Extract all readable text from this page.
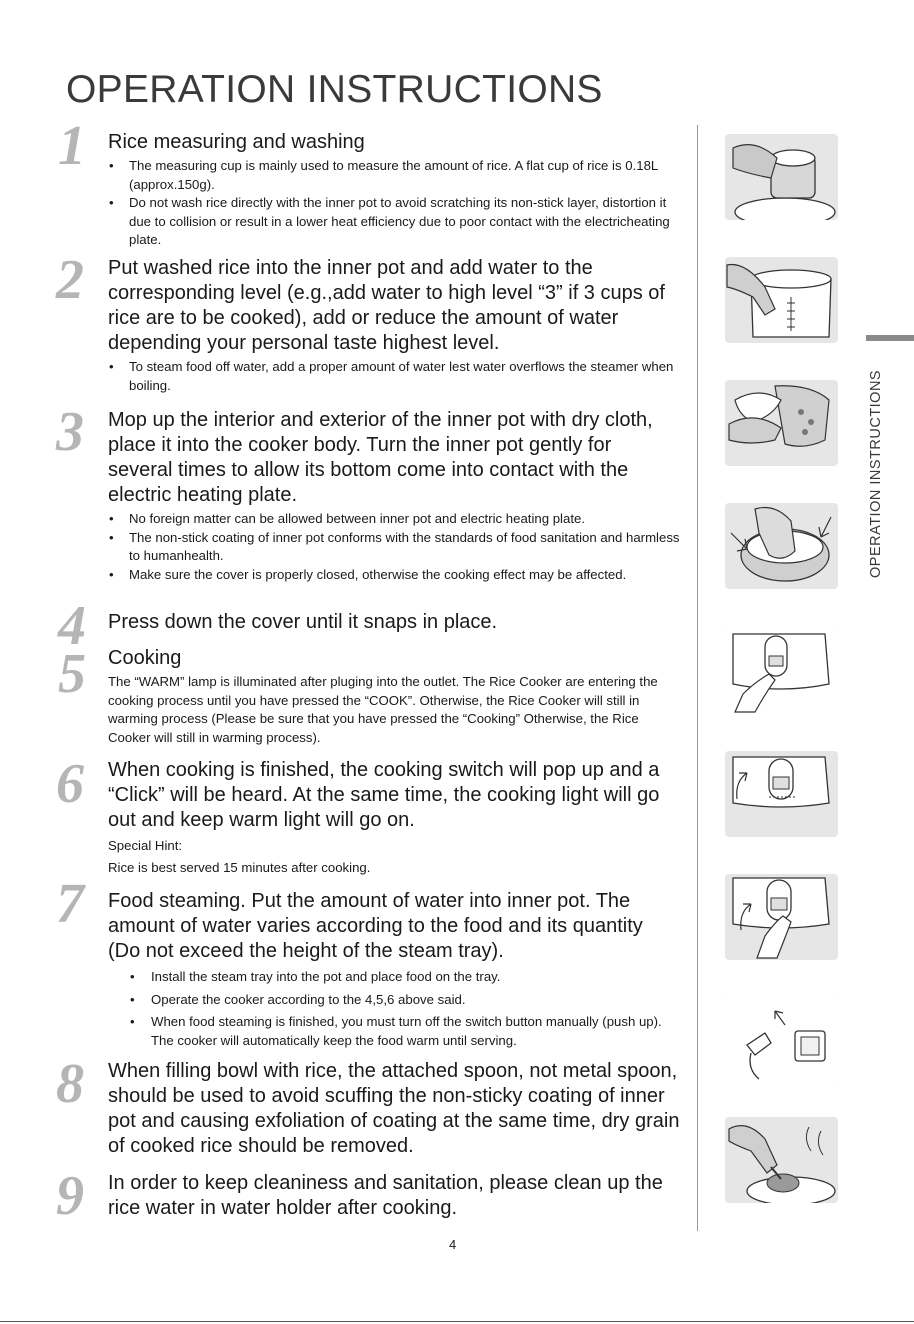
OPERATION INSTRUCTIONS
1	Rice measuring and washing

• The measuring cup is mainly used to measure the amount of rice. A flat cup of rice is 0.18L (approx.150g).
• Do not wash rice directly with the inner pot to avoid scratching its non-stick layer, distortion it due to collision or result in a lower heat efficiency due to poor contact with the electricheating plate.
2	Put washed rice into the inner pot and add water to the corresponding level (e.g.,add water to high level “3” if 3 cups of rice are to be cooked), add or reduce the amount of water depending your personal taste highest level.

• To steam food off water, add a proper amount of water lest water overflows the steamer when boiling.
3	Mop up the interior and exterior of the inner pot with dry cloth, place it into the cooker body. Turn the inner pot gently for several times to allow its bottom come into contact with the electric heating plate.

• No foreign matter can be allowed between inner pot and electric heating plate.
• The non-stick coating of inner pot conforms with the standards of food sanitation and harmless to humanhealth.
• Make sure the cover is properly closed, otherwise the cooking effect may be affected.
4	Press down the cover until it snaps in place.

5	Cooking

The “WARM” lamp is illuminated after pluging into the outlet. The Rice Cooker are entering the cooking process until you have pressed the “COOK”. Otherwise, the Rice Cooker will still in warming process (Please be sure that you have pressed the “Cooking” Otherwise, the Rice Cooker will still in warming process).

6	When cooking is finished, the cooking switch will pop up and a “Click” will be heard. At the same time, the cooking light will go out and keep warm light will go on.

Special Hint:

Rice is best served 15 minutes after cooking.

7	Food steaming. Put the amount of water into inner pot. The amount of water varies according to the food and its quantity (Do not exceed the height of the steam tray).

• Install the steam tray into the pot and place food on the tray.
• Operate the cooker according to the 4,5,6 above said.
• When food steaming is finished, you must turn off the switch button manually (push up). The cooker will automatically keep the food warm until serving.
8	When filling bowl with rice, the attached spoon, not metal spoon, should be used to avoid scuffing the non-sticky coating of inner pot and causing exfoliation of coating at the same time, dry grain of cooked rice should be removed.

9	In order to keep cleaniness and sanitation, please clean up the rice water in water holder after cooking.

OPERATION INSTRUCTIONS
4
